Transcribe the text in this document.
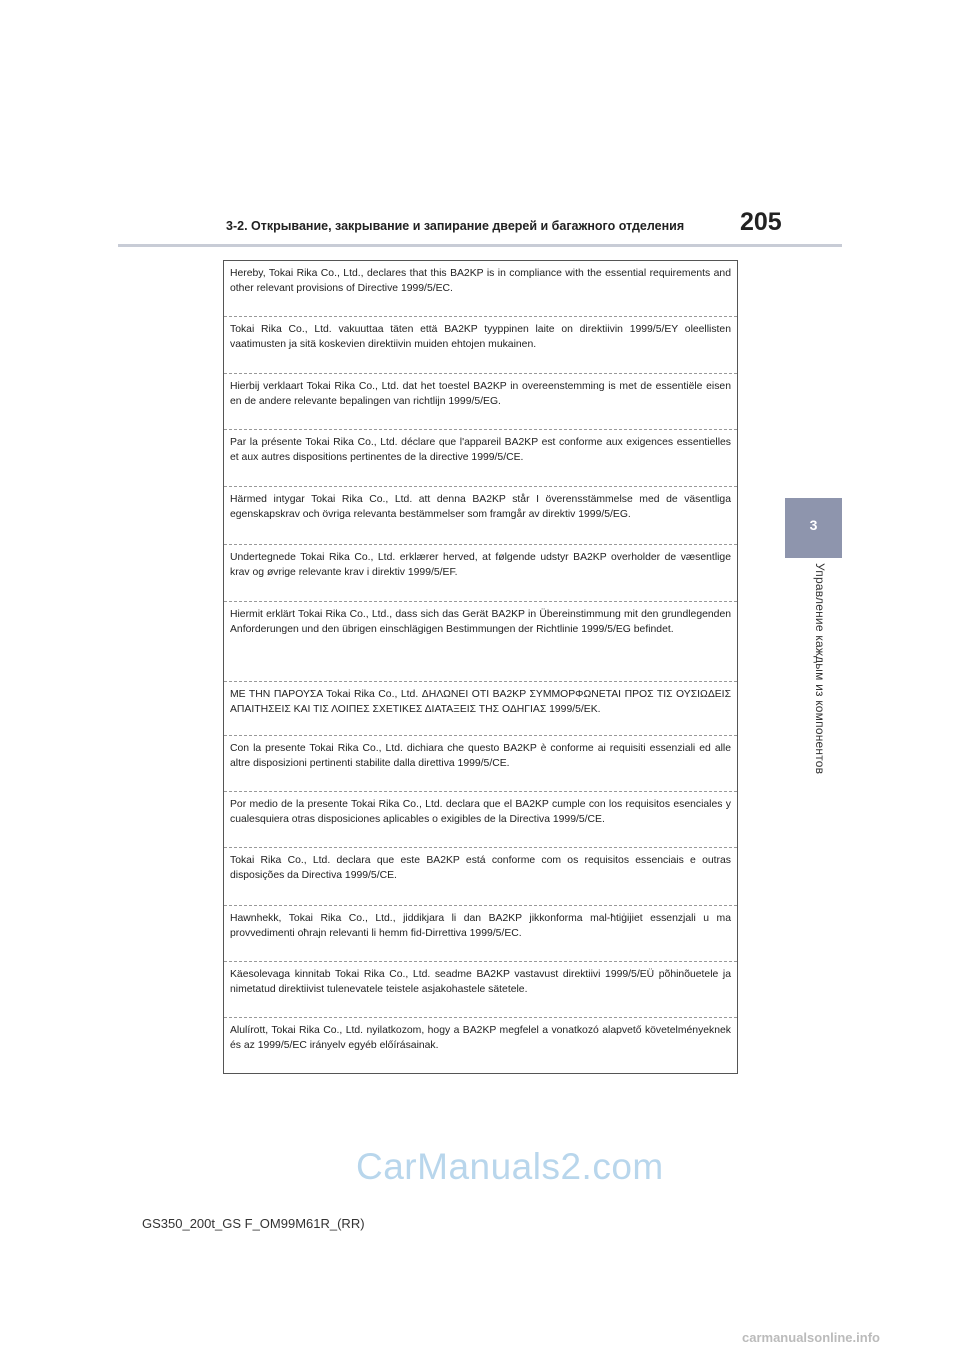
3-2. Открывание, закрывание и запирание дверей и багажного отделения 205
3
Управление каждым из компонентов

Hereby, Tokai Rika Co., Ltd., declares that this BA2KP is in compliance with the essential requirements and other relevant provisions of Directive 1999/5/EC.

Tokai Rika Co., Ltd. vakuuttaa täten että BA2KP tyyppinen laite on direktiivin 1999/5/EY oleellisten vaatimusten ja sitä koskevien direktiivin muiden ehtojen mukainen.

Hierbij verklaart Tokai Rika Co., Ltd. dat het toestel BA2KP in overeenstemming is met de essentiële eisen en de andere relevante bepalingen van richtlijn 1999/5/EG.

Par la présente Tokai Rika Co., Ltd. déclare que l'appareil BA2KP est conforme aux exigences essentielles et aux autres dispositions pertinentes de la directive 1999/5/CE.

Härmed intygar Tokai Rika Co., Ltd. att denna BA2KP står I överensstämmelse med de väsentliga egenskapskrav och övriga relevanta bestämmelser som framgår av direktiv 1999/5/EG.

Undertegnede Tokai Rika Co., Ltd. erklærer herved, at følgende udstyr BA2KP overholder de væsentlige krav og øvrige relevante krav i direktiv 1999/5/EF.

Hiermit erklärt Tokai Rika Co., Ltd., dass sich das Gerät BA2KP in Übereinstimmung mit den grundlegenden Anforderungen und den übrigen einschlägigen Bestimmungen der Richtlinie 1999/5/EG befindet.

ΜΕ ΤΗΝ ΠΑΡΟΥΣΑ Tokai Rika Co., Ltd. ΔΗΛΩΝΕΙ ΟΤΙ BA2KP ΣΥΜΜΟΡΦΩΝΕΤΑΙ ΠΡΟΣ ΤΙΣ ΟΥΣΙΩΔΕΙΣ ΑΠΑΙΤΗΣΕΙΣ ΚΑΙ ΤΙΣ ΛΟΙΠΕΣ ΣΧΕΤΙΚΕΣ ΔΙΑΤΑΞΕΙΣ ΤΗΣ ΟΔΗΓΙΑΣ 1999/5/ΕΚ.

Con la presente Tokai Rika Co., Ltd. dichiara che questo BA2KP è conforme ai requisiti essenziali ed alle altre disposizioni pertinenti stabilite dalla direttiva 1999/5/CE.

Por medio de la presente Tokai Rika Co., Ltd. declara que el BA2KP cumple con los requisitos esenciales y cualesquiera otras disposiciones aplicables o exigibles de la Directiva 1999/5/CE.

Tokai Rika Co., Ltd. declara que este BA2KP está conforme com os requisitos essenciais e outras disposições da Directiva 1999/5/CE.

Hawnhekk, Tokai Rika Co., Ltd., jiddikjara li dan BA2KP jikkonforma mal-ħtiġijiet essenzjali u ma provvedimenti oħrajn relevanti li hemm fid-Dirrettiva 1999/5/EC.

Käesolevaga kinnitab Tokai Rika Co., Ltd. seadme BA2KP vastavust direktiivi 1999/5/EÜ põhinõuetele ja nimetatud direktiivist tulenevatele teistele asjakohastele sätetele.

Alulírott, Tokai Rika Co., Ltd. nyilatkozom, hogy a BA2KP megfelel a vonatkozó alapvető követelményeknek és az 1999/5/EC irányelv egyéb előírásainak.

CarManuals2.com
GS350_200t_GS F_OM99M61R_(RR)
carmanualsonline.info
